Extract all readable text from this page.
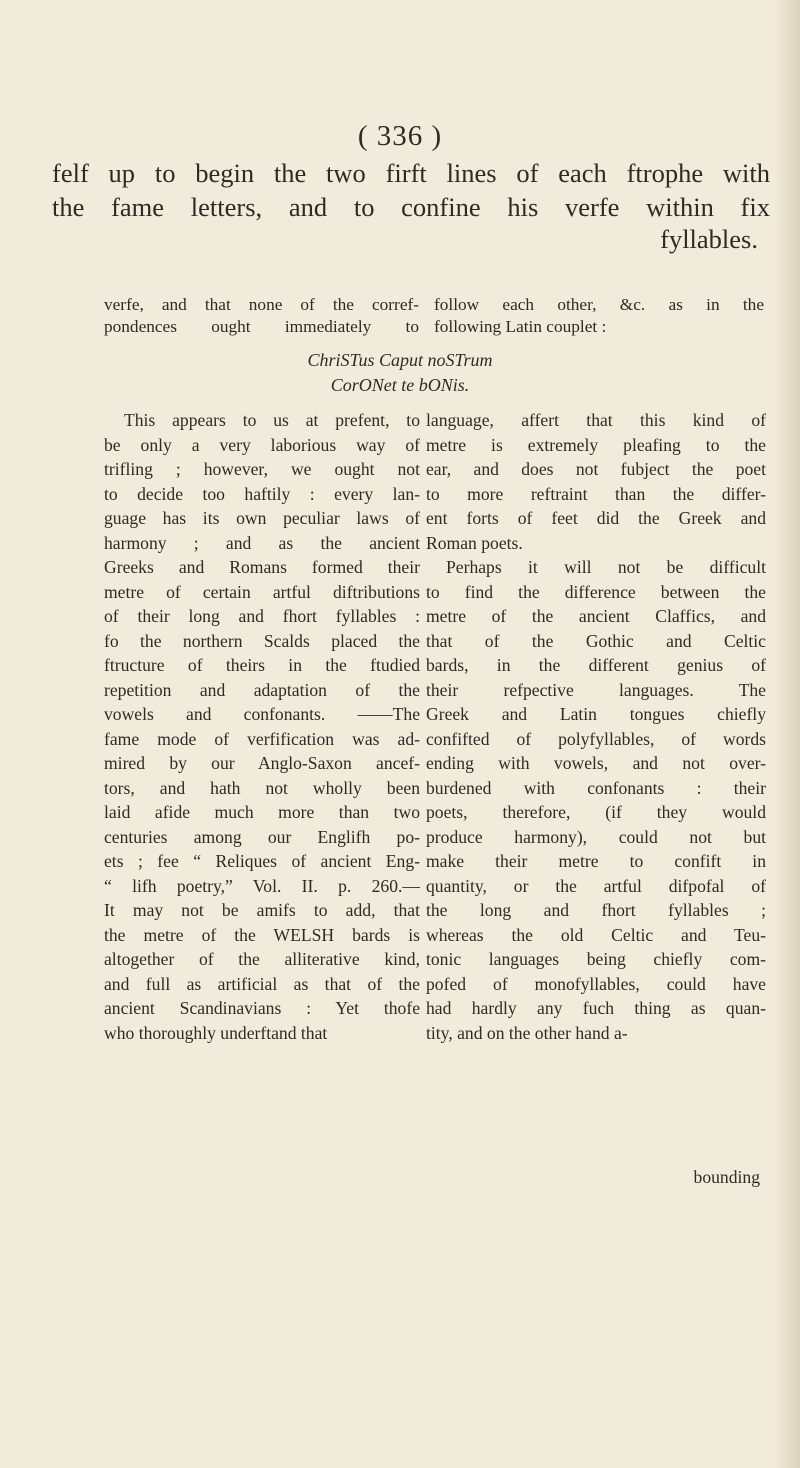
( 336 )
felf up to begin the two firft lines of each ftrophe with
the fame letters, and to confine his verfe within fix
fyllables.
verfe, and that none of the corref-
pondences ought immediately to
follow each other, &c. as in the
following Latin couplet :
ChriSTus Caput noSTrum
CorONet te bONis.
This appears to us at prefent, to
be only a very laborious way of
trifling ; however, we ought not
to decide too haftily : every lan-
guage has its own peculiar laws of
harmony ; and as the ancient
Greeks and Romans formed their
metre of certain artful diftributions
of their long and fhort fyllables :
fo the northern Scalds placed the
ftructure of theirs in the ftudied
repetition and adaptation of the
vowels and confonants. ——The
fame mode of verfification was ad-
mired by our Anglo-Saxon ancef-
tors, and hath not wholly been
laid afide much more than two
centuries among our Englifh po-
ets ; fee “ Reliques of ancient Eng-
“ lifh poetry,” Vol. II. p. 260.—
It may not be amifs to add, that
the metre of the WELSH bards is
altogether of the alliterative kind,
and full as artificial as that of the
ancient Scandinavians : Yet thofe
who thoroughly underftand that
language, affert that this kind of
metre is extremely pleafing to the
ear, and does not fubject the poet
to more reftraint than the differ-
ent forts of feet did the Greek and
Roman poets.
Perhaps it will not be difficult
to find the difference between the
metre of the ancient Claffics, and
that of the Gothic and Celtic
bards, in the different genius of
their refpective languages. The
Greek and Latin tongues chiefly
confifted of polyfyllables, of words
ending with vowels, and not over-
burdened with confonants : their
poets, therefore, (if they would
produce harmony), could not but
make their metre to confift in
quantity, or the artful difpofal of
the long and fhort fyllables ;
whereas the old Celtic and Teu-
tonic languages being chiefly com-
pofed of monofyllables, could have
had hardly any fuch thing as quan-
tity, and on the other hand a-
bounding
